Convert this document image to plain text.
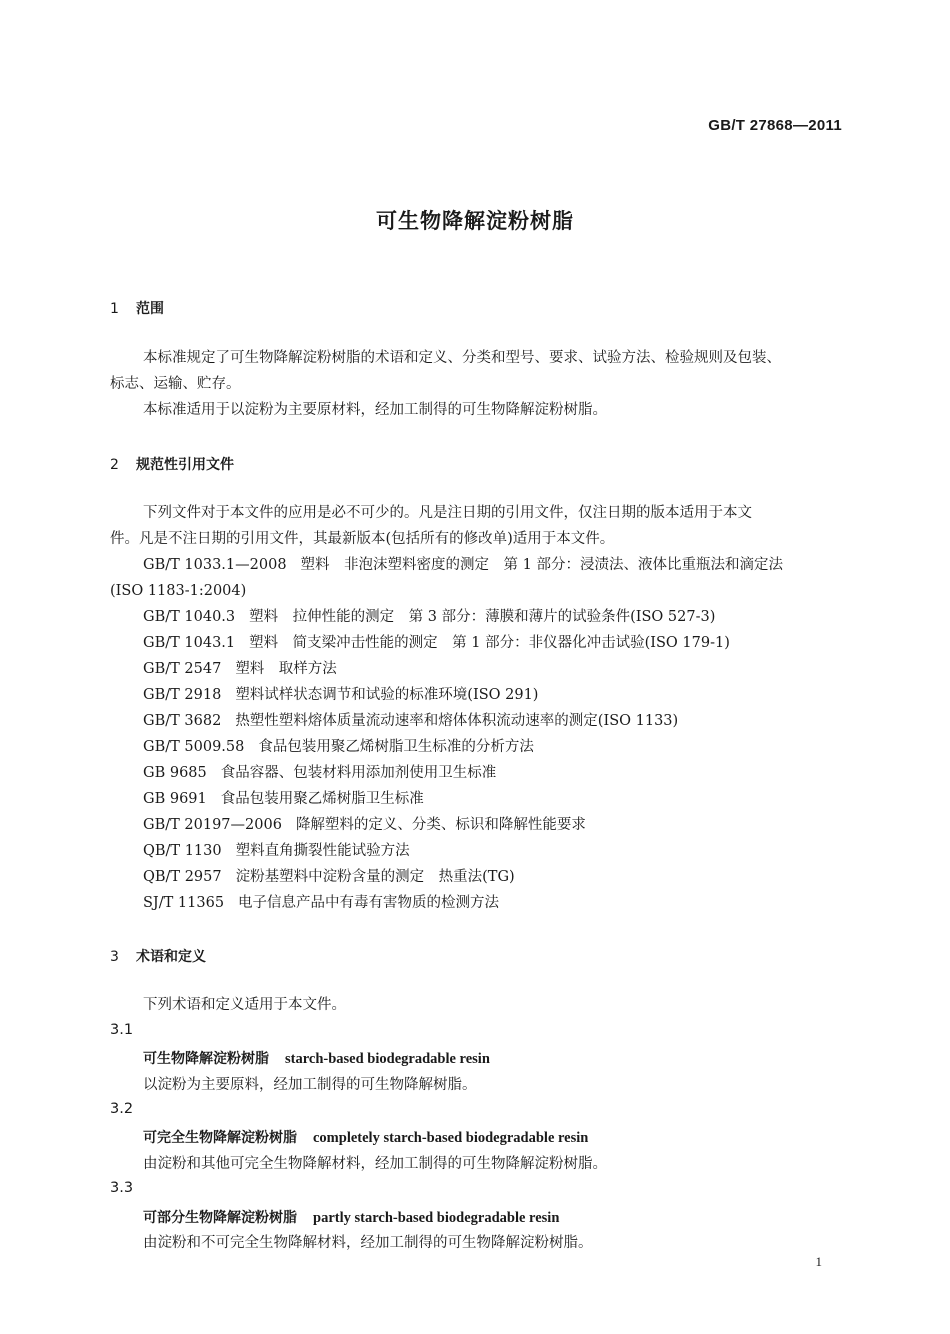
GB/T 27868—2011
可生物降解淀粉树脂
1 范围
本标准规定了可生物降解淀粉树脂的术语和定义、分类和型号、要求、试验方法、检验规则及包装、
标志、运输、贮存。
本标准适用于以淀粉为主要原材料，经加工制得的可生物降解淀粉树脂。
2 规范性引用文件
下列文件对于本文件的应用是必不可少的。凡是注日期的引用文件，仅注日期的版本适用于本文
件。凡是不注日期的引用文件，其最新版本(包括所有的修改单)适用于本文件。
GB/T 1033.1—2008 塑料　非泡沫塑料密度的测定　第 1 部分：浸渍法、液体比重瓶法和滴定法
(ISO 1183-1:2004)
GB/T 1040.3 塑料　拉伸性能的测定　第 3 部分：薄膜和薄片的试验条件(ISO 527-3)
GB/T 1043.1 塑料　简支梁冲击性能的测定　第 1 部分：非仪器化冲击试验(ISO 179-1)
GB/T 2547 塑料　取样方法
GB/T 2918 塑料试样状态调节和试验的标准环境(ISO 291)
GB/T 3682 热塑性塑料熔体质量流动速率和熔体体积流动速率的测定(ISO 1133)
GB/T 5009.58 食品包装用聚乙烯树脂卫生标准的分析方法
GB 9685 食品容器、包装材料用添加剂使用卫生标准
GB 9691 食品包装用聚乙烯树脂卫生标准
GB/T 20197—2006 降解塑料的定义、分类、标识和降解性能要求
QB/T 1130 塑料直角撕裂性能试验方法
QB/T 2957 淀粉基塑料中淀粉含量的测定　热重法(TG)
SJ/T 11365 电子信息产品中有毒有害物质的检测方法
3 术语和定义
下列术语和定义适用于本文件。
3.1
可生物降解淀粉树脂 starch-based biodegradable resin
以淀粉为主要原料，经加工制得的可生物降解树脂。
3.2
可完全生物降解淀粉树脂 completely starch-based biodegradable resin
由淀粉和其他可完全生物降解材料，经加工制得的可生物降解淀粉树脂。
3.3
可部分生物降解淀粉树脂 partly starch-based biodegradable resin
由淀粉和不可完全生物降解材料，经加工制得的可生物降解淀粉树脂。
1
